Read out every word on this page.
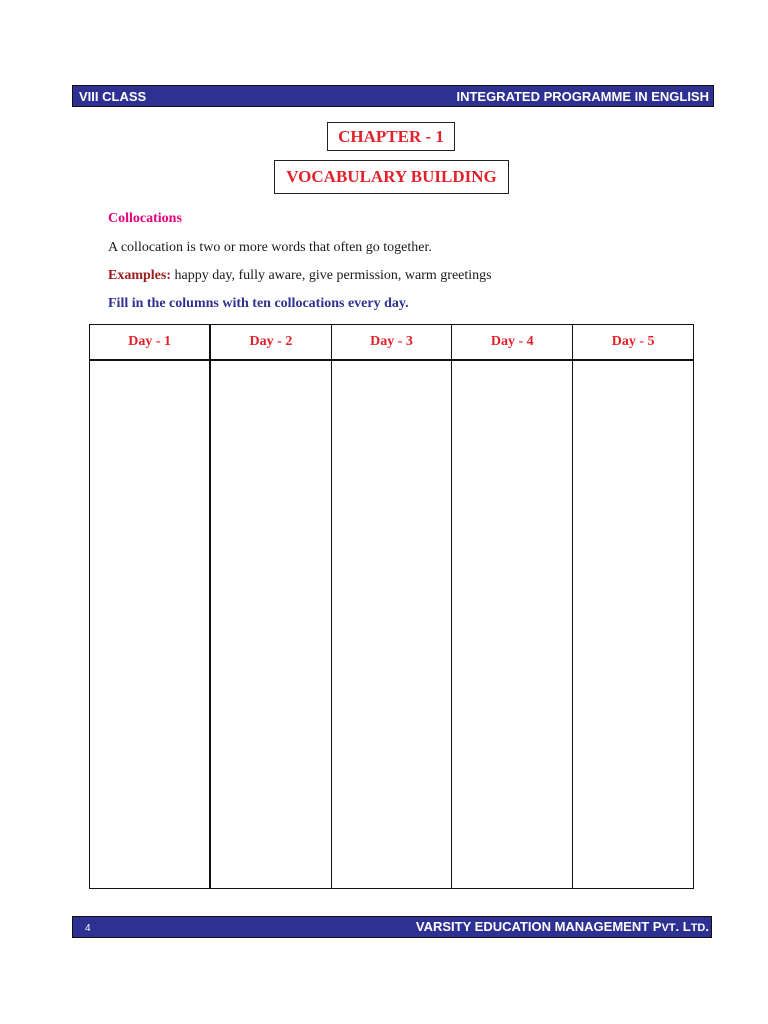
VIII CLASS	INTEGRATED PROGRAMME IN ENGLISH
CHAPTER - 1
VOCABULARY BUILDING
Collocations
A collocation is two or more words that often go together.
Examples: happy day, fully aware, give permission, warm greetings
Fill in the columns with ten collocations every day.
Day - 1	Day - 2	Day - 3	Day - 4	Day - 5

4	VARSITY EDUCATION MANAGEMENT PVT. LTD.
